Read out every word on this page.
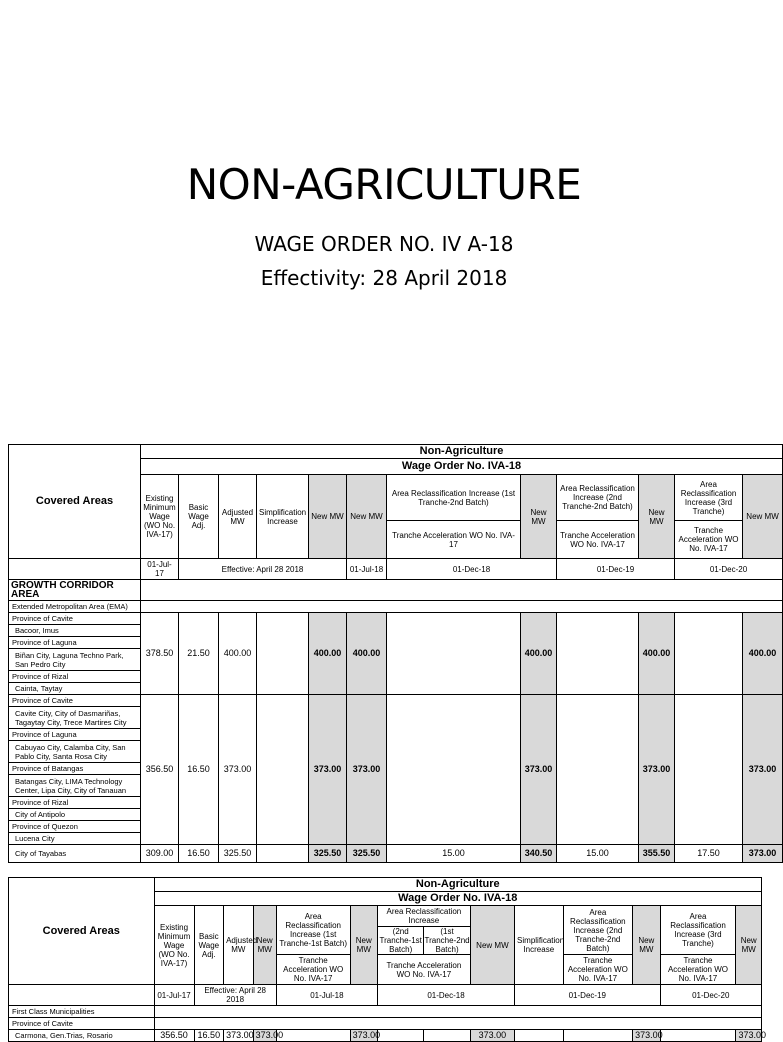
NON-AGRICULTURE
WAGE ORDER NO. IV A-18
Effectivity: 28 April 2018
Covered Areas	Non-Agriculture											
	Wage Order No. IVA-18											
	Existing Minimum Wage (WO No. IVA-17)	Basic Wage Adj.	Adjusted MW	Simplification Increase	New MW	New MW	Area Reclassification Increase (1st Tranche-2nd Batch)	New MW	Area Reclassification Increase (2nd Tranche-2nd Batch)	New MW	Area Reclassification Increase (3rd Tranche)	New MW
							Tranche Acceleration WO No. IVA-17		Tranche Acceleration WO No. IVA-17		Tranche Acceleration WO No. IVA-17	
	01-Jul-17	Effective: April 28 2018				01-Jul-18	01-Dec-18		01-Dec-19		01-Dec-20	
GROWTH CORRIDOR AREA												
Extended Metropolitan Area (EMA)												
Province of Cavite	378.50	21.50	400.00		400.00	400.00		400.00		400.00		400.00
Bacoor, Imus												
Province of Laguna												
Biñan City, Laguna Techno Park, San Pedro City												
Province of Rizal												
Cainta, Taytay												
Province of Cavite	356.50	16.50	373.00		373.00	373.00		373.00		373.00		373.00
Cavite City, City of Dasmariñas, Tagaytay City, Trece Martires City												
Province of Laguna												
Cabuyao City, Calamba City, San Pablo City, Santa Rosa City												
Province of Batangas												
Batangas City, LIMA Technology Center, Lipa City, City of Tanauan												
Province of Rizal												
City of Antipolo												
Province of Quezon												
Lucena City												
City of Tayabas	309.00	16.50	325.50		325.50	325.50	15.00	340.50	15.00	355.50	17.50	373.00
Covered Areas	Non-Agriculture													
	Wage Order No. IVA-18													
	Existing Minimum Wage (WO No. IVA-17)	Basic Wage Adj.	Adjusted MW	New MW	Area Reclassification Increase (1st Tranche-1st Batch)	New MW	Area Reclassification Increase
(2nd Tranche-1st Batch)
(1st Tranche-2nd Batch)		New MW	Simplification Increase	Area Reclassification Increase (2nd Tranche-2nd Batch)	New MW	Area Reclassification Increase (3rd Tranche)	New MW
					Tranche Acceleration WO No. IVA-17		Tranche Acceleration WO No. IVA-17				Tranche Acceleration WO No. IVA-17		Tranche Acceleration WO No. IVA-17	
	01-Jul-17	Effective: April 28 2018			01-Jul-18		01-Dec-18			01-Dec-19			01-Dec-20	
First Class Municipalities														
Province of Cavite														
Carmona, Gen.Trias, Rosario	356.50	16.50	373.00	373.00		373.00			373.00			373.00		373.00
